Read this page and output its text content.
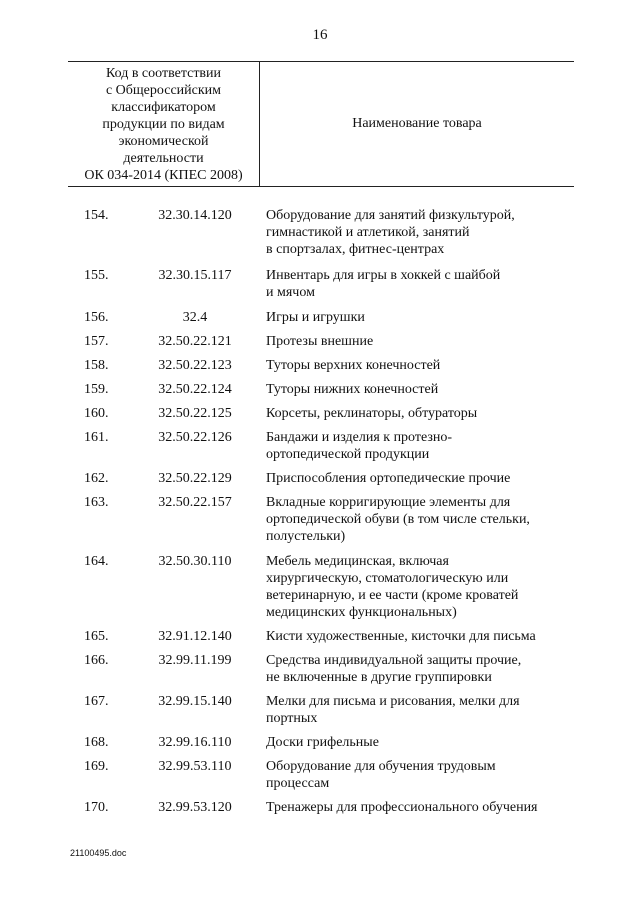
16
Код в соответствии
с Общероссийским
классификатором
продукции по видам
экономической
деятельности
ОК 034-2014 (КПЕС 2008)
Наименование товара
154.	32.30.14.120	Оборудование для занятий физкультурой,
гимнастикой и атлетикой, занятий
в спортзалах, фитнес-центрах
155.	32.30.15.117	Инвентарь для игры в хоккей с шайбой
и мячом
156.	32.4	Игры и игрушки
157.	32.50.22.121	Протезы внешние
158.	32.50.22.123	Туторы верхних конечностей
159.	32.50.22.124	Туторы нижних конечностей
160.	32.50.22.125	Корсеты, реклинаторы, обтураторы
161.	32.50.22.126	Бандажи и изделия к протезно-
ортопедической продукции
162.	32.50.22.129	Приспособления ортопедические прочие
163.	32.50.22.157	Вкладные корригирующие элементы для
ортопедической обуви (в том числе стельки,
полустельки)
164.	32.50.30.110	Мебель медицинская, включая
хирургическую, стоматологическую или
ветеринарную, и ее части (кроме кроватей
медицинских функциональных)
165.	32.91.12.140	Кисти художественные, кисточки для письма
166.	32.99.11.199	Средства индивидуальной защиты прочие,
не включенные в другие группировки
167.	32.99.15.140	Мелки для письма и рисования, мелки для
портных
168.	32.99.16.110	Доски грифельные
169.	32.99.53.110	Оборудование для обучения трудовым
процессам
170.	32.99.53.120	Тренажеры для профессионального обучения
21100495.doc
